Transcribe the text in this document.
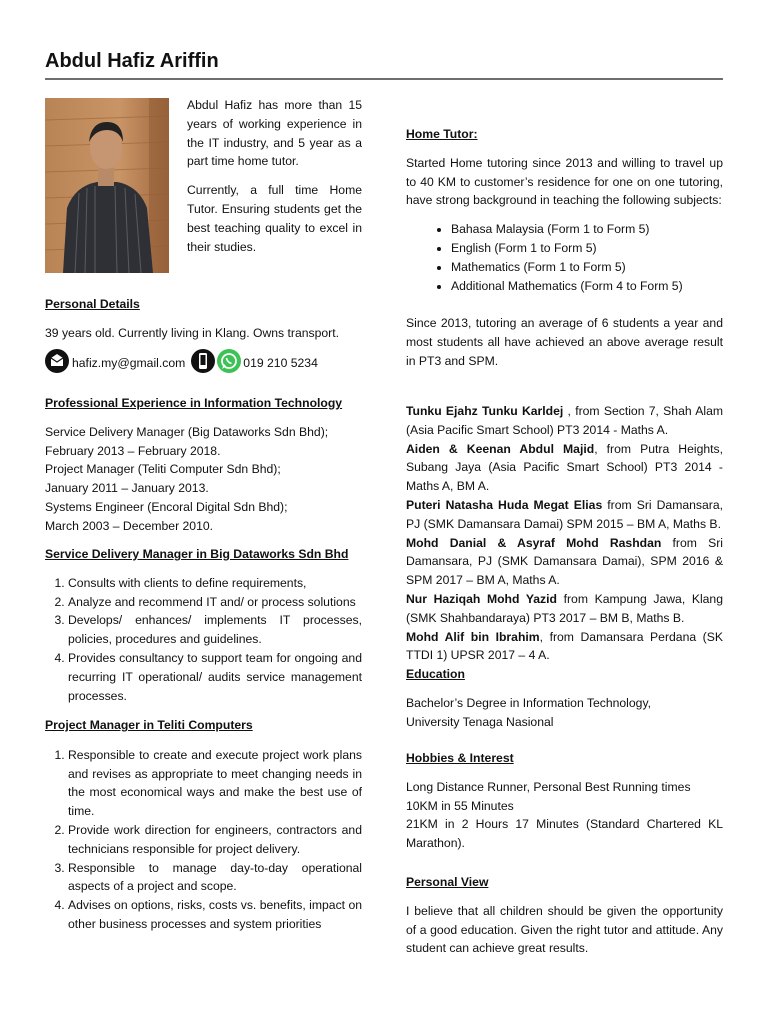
Abdul Hafiz Ariffin

Abdul Hafiz has more than 15 years of working experience in the IT industry, and 5 year as a part time home tutor.

Currently, a full time Home Tutor. Ensuring students get the best teaching quality to excel in their studies.

Personal Details

39 years old. Currently living in Klang. Owns transport.

hafiz.my@gmail.com	019 210 5234
Professional Experience in Information Technology

Service Delivery Manager (Big Dataworks Sdn Bhd);

February 2013 – February 2018.

Project Manager (Teliti Computer Sdn Bhd);

January 2011 – January 2013.

Systems Engineer (Encoral Digital Sdn Bhd);

March 2003 – December 2010.

Service Delivery Manager in Big Dataworks Sdn Bhd
1. Consults with clients to define requirements,
2. Analyze and recommend IT and/ or process solutions
3. Develops/ enhances/ implements IT processes, policies, procedures and guidelines.
4. Provides consultancy to support team for ongoing and recurring IT operational/ audits service management processes.
Project Manager in Teliti Computers
1. Responsible to create and execute project work plans and revises as appropriate to meet changing needs in the most economical ways and make the best use of time.
2. Provide work direction for engineers, contractors and technicians responsible for project delivery.
3. Responsible to manage day-to-day operational aspects of a project and scope.
4. Advises on options, risks, costs vs. benefits, impact on other business processes and system priorities
Home Tutor:

Started Home tutoring since 2013 and willing to travel up to 40 KM to customer’s residence for one on one tutoring, have strong background in teaching the following subjects:

• Bahasa Malaysia (Form 1 to Form 5)
• English (Form 1 to Form 5)
• Mathematics (Form 1 to Form 5)
• Additional Mathematics (Form 4 to Form 5)

Since 2013, tutoring an average of 6 students a year and most students all have achieved an above average result in PT3 and SPM.

Tunku Ejahz Tunku Karldej , from Section 7, Shah Alam (Asia Pacific Smart School) PT3 2014 - Maths A.

Aiden & Keenan Abdul Majid, from Putra Heights, Subang Jaya (Asia Pacific Smart School) PT3 2014 - Maths A, BM A.

Puteri Natasha Huda Megat Elias from Sri Damansara, PJ (SMK Damansara Damai) SPM 2015 – BM A, Maths B.

Mohd Danial & Asyraf Mohd Rashdan from Sri Damansara, PJ (SMK Damansara Damai), SPM 2016 & SPM 2017 – BM A, Maths A.

Nur Haziqah Mohd Yazid from Kampung Jawa, Klang (SMK Shahbandaraya) PT3 2017 – BM B, Maths B.

Mohd Alif bin Ibrahim, from Damansara Perdana (SK TTDI 1) UPSR 2017 – 4 A.

Education

Bachelor’s Degree in Information Technology,

University Tenaga Nasional

Hobbies & Interest

Long Distance Runner, Personal Best Running times

10KM in 55 Minutes

21KM in 2 Hours 17 Minutes (Standard Chartered KL Marathon).

Personal View

I believe that all children should be given the opportunity of a good education. Given the right tutor and attitude. Any student can achieve great results.
